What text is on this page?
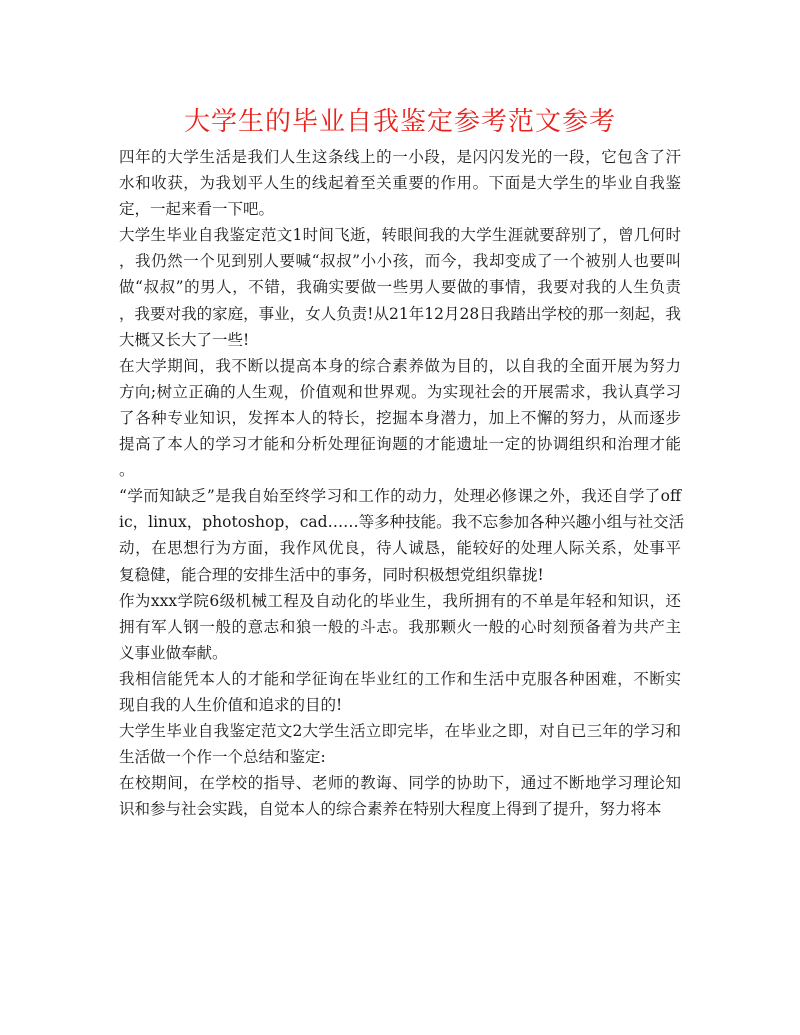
大学生的毕业自我鉴定参考范文参考
四年的大学生活是我们人生这条线上的一小段，是闪闪发光的一段，它包含了汗
水和收获，为我划平人生的线起着至关重要的作用。下面是大学生的毕业自我鉴
定，一起来看一下吧。
大学生毕业自我鉴定范文1时间飞逝，转眼间我的大学生涯就要辞别了，曾几何时
，我仍然一个见到别人要喊“叔叔”小小孩，而今，我却变成了一个被别人也要叫
做“叔叔”的男人，不错，我确实要做一些男人要做的事情，我要对我的人生负责
，我要对我的家庭，事业，女人负责!从21年12月28日我踏出学校的那一刻起，我
大概又长大了一些!
在大学期间，我不断以提高本身的综合素养做为目的，以自我的全面开展为努力
方向;树立正确的人生观，价值观和世界观。为实现社会的开展需求，我认真学习
了各种专业知识，发挥本人的特长，挖掘本身潜力，加上不懈的努力，从而逐步
提高了本人的学习才能和分析处理征询题的才能遗址一定的协调组织和治理才能
。
“学而知缺乏”是我自始至终学习和工作的动力，处理必修课之外，我还自学了off
ic，linux，photoshop，cad……等多种技能。我不忘参加各种兴趣小组与社交活
动，在思想行为方面，我作风优良，待人诚恳，能较好的处理人际关系，处事平
复稳健，能合理的安排生活中的事务，同时积极想党组织靠拢!
作为xxx学院6级机械工程及自动化的毕业生，我所拥有的不单是年轻和知识，还
拥有军人钢一般的意志和狼一般的斗志。我那颗火一般的心时刻预备着为共产主
义事业做奉献。
我相信能凭本人的才能和学征询在毕业红的工作和生活中克服各种困难，不断实
现自我的人生价值和追求的目的!
大学生毕业自我鉴定范文2大学生活立即完毕，在毕业之即，对自已三年的学习和
生活做一个作一个总结和鉴定:
在校期间，在学校的指导、老师的教诲、同学的协助下，通过不断地学习理论知
识和参与社会实践，自觉本人的综合素养在特别大程度上得到了提升，努力将本
